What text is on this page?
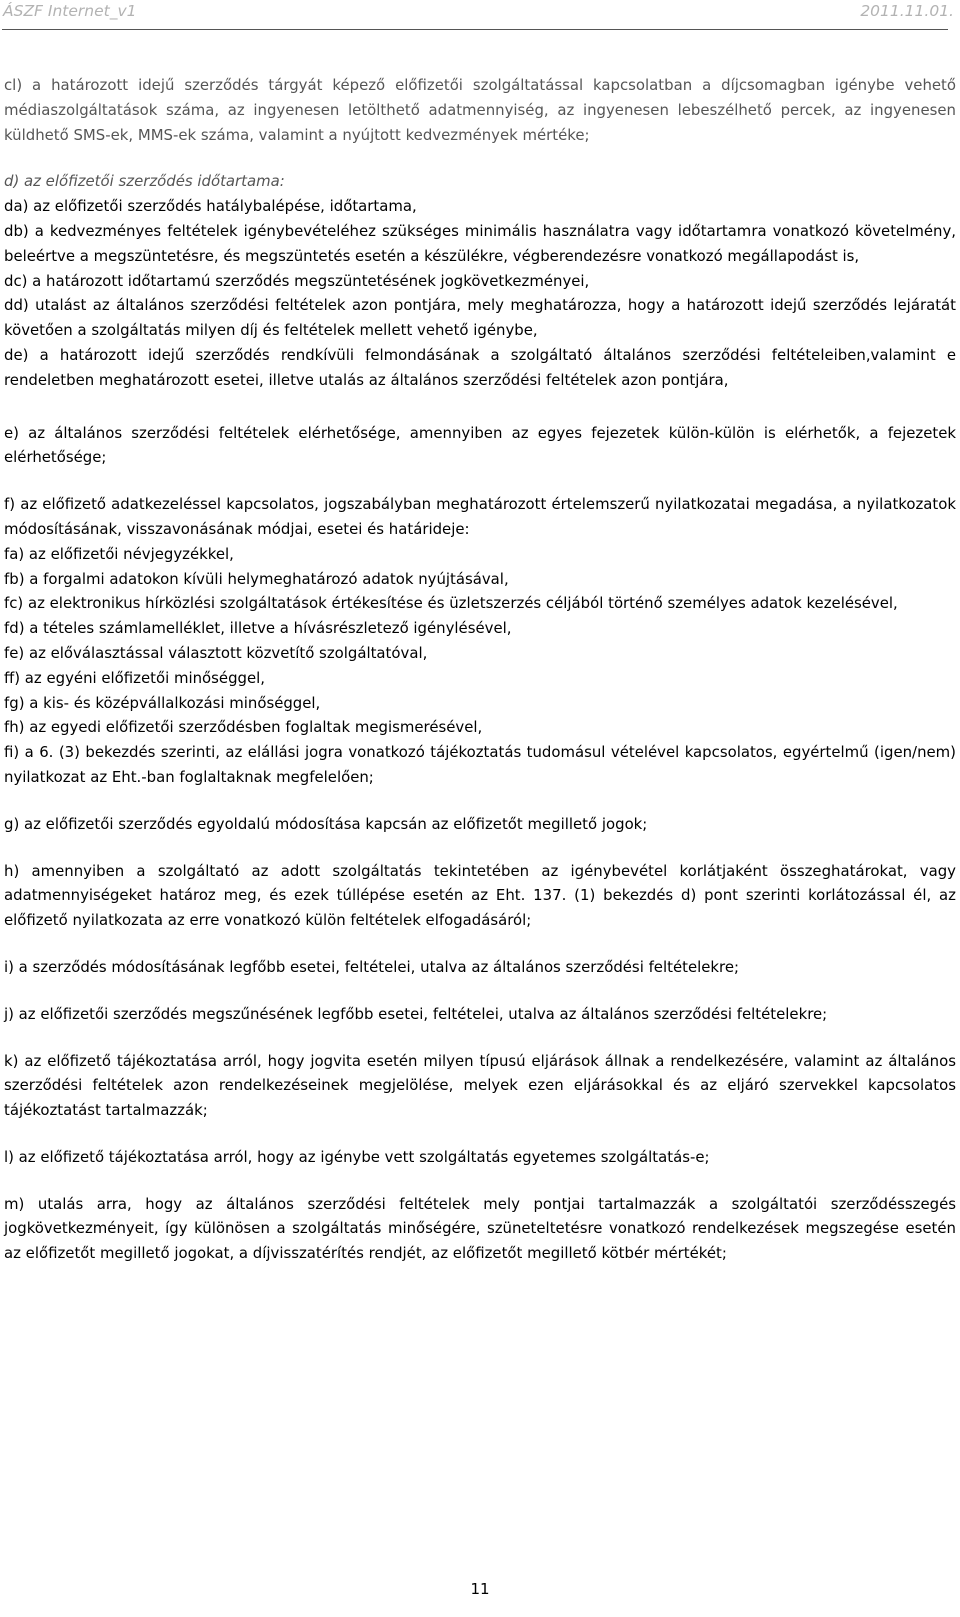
ÁSZF Internet_v1	2011.11.01.

cl) a határozott idejű szerződés tárgyát képező előfizetői szolgáltatással kapcsolatban a díjcsomagban igénybe vehető médiaszolgáltatások száma, az ingyenesen letölthető adatmennyiség, az ingyenesen lebeszélhető percek, az ingyenesen küldhető SMS-ek, MMS-ek száma, valamint a nyújtott kedvezmények mértéke;

d) az előfizetői szerződés időtartama:

da) az előfizetői szerződés hatálybalépése, időtartama,

db) a kedvezményes feltételek igénybevételéhez szükséges minimális használatra vagy időtartamra vonatkozó követelmény, beleértve a megszüntetésre, és megszüntetés esetén a készülékre, végberendezésre vonatkozó megállapodást is,

dc) a határozott időtartamú szerződés megszüntetésének jogkövetkezményei,

dd) utalást az általános szerződési feltételek azon pontjára, mely meghatározza, hogy a határozott idejű szerződés lejáratát követően a szolgáltatás milyen díj és feltételek mellett vehető igénybe,

de) a határozott idejű szerződés rendkívüli felmondásának a szolgáltató általános szerződési feltételeiben,valamint e rendeletben meghatározott esetei, illetve utalás az általános szerződési feltételek azon pontjára,

e) az általános szerződési feltételek elérhetősége, amennyiben az egyes fejezetek külön-külön is elérhetők, a fejezetek elérhetősége;

f) az előfizető adatkezeléssel kapcsolatos, jogszabályban meghatározott értelemszerű nyilatkozatai megadása, a nyilatkozatok módosításának, visszavonásának módjai, esetei és határideje:

fa) az előfizetői névjegyzékkel,

fb) a forgalmi adatokon kívüli helymeghatározó adatok nyújtásával,

fc) az elektronikus hírközlési szolgáltatások értékesítése és üzletszerzés céljából történő személyes adatok kezelésével,

fd) a tételes számlamelléklet, illetve a hívásrészletező igénylésével,

fe) az előválasztással választott közvetítő szolgáltatóval,

ff) az egyéni előfizetői minőséggel,

fg) a kis- és középvállalkozási minőséggel,

fh) az egyedi előfizetői szerződésben foglaltak megismerésével,

fi) a 6. (3) bekezdés szerinti, az elállási jogra vonatkozó tájékoztatás tudomásul vételével kapcsolatos, egyértelmű (igen/nem) nyilatkozat az Eht.-ban foglaltaknak megfelelően;

g) az előfizetői szerződés egyoldalú módosítása kapcsán az előfizetőt megillető jogok;

h) amennyiben a szolgáltató az adott szolgáltatás tekintetében az igénybevétel korlátjaként összeghatárokat, vagy adatmennyiségeket határoz meg, és ezek túllépése esetén az Eht. 137. (1) bekezdés d) pont szerinti korlátozással él, az előfizető nyilatkozata az erre vonatkozó külön feltételek elfogadásáról;

i) a szerződés módosításának legfőbb esetei, feltételei, utalva az általános szerződési feltételekre;

j) az előfizetői szerződés megszűnésének legfőbb esetei, feltételei, utalva az általános szerződési feltételekre;

k) az előfizető tájékoztatása arról, hogy jogvita esetén milyen típusú eljárások állnak a rendelkezésére, valamint az általános szerződési feltételek azon rendelkezéseinek megjelölése, melyek ezen eljárásokkal és az eljáró szervekkel kapcsolatos tájékoztatást tartalmazzák;

l) az előfizető tájékoztatása arról, hogy az igénybe vett szolgáltatás egyetemes szolgáltatás-e;

m) utalás arra, hogy az általános szerződési feltételek mely pontjai tartalmazzák a szolgáltatói szerződésszegés jogkövetkezményeit, így különösen a szolgáltatás minőségére, szüneteltetésre vonatkozó rendelkezések megszegése esetén az előfizetőt megillető jogokat, a díjvisszatérítés rendjét, az előfizetőt megillető kötbér mértékét;

11
